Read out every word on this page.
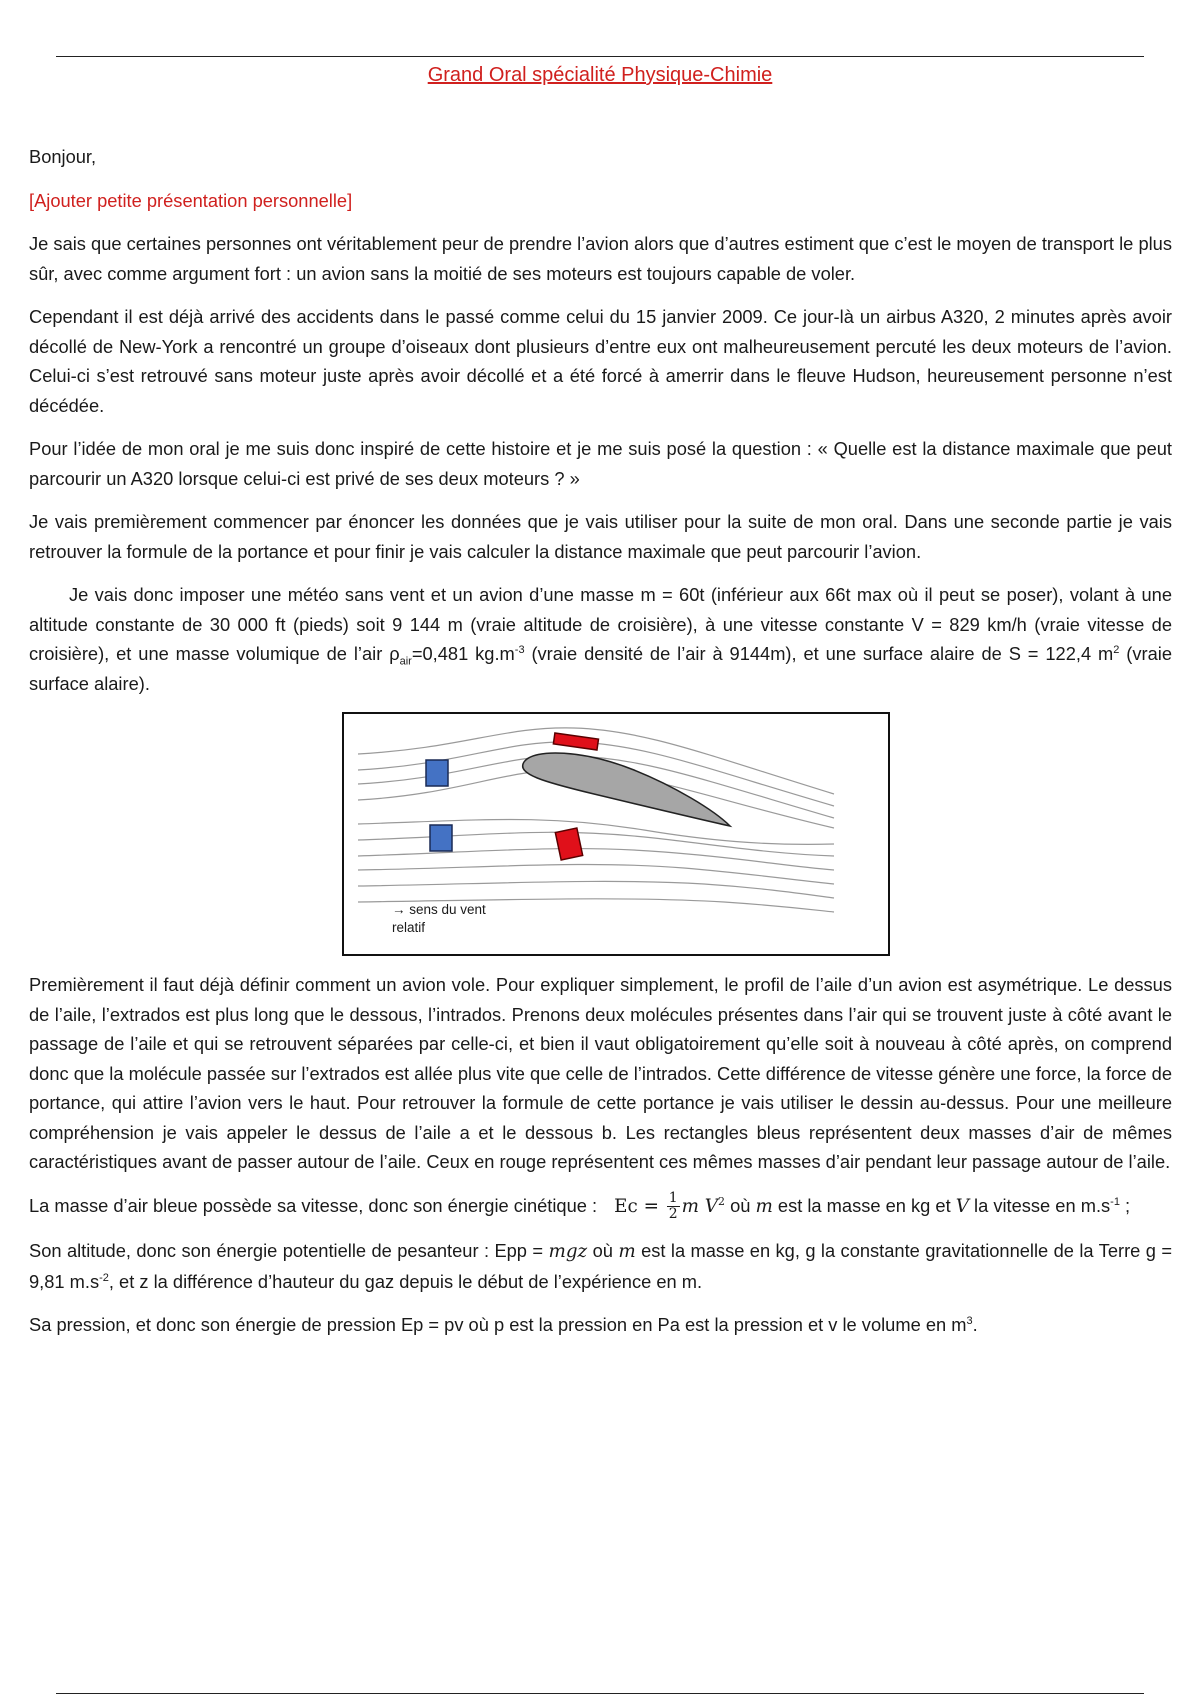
Grand Oral spécialité Physique-Chimie

Bonjour,

[Ajouter petite présentation personnelle]

Je sais que certaines personnes ont véritablement peur de prendre l’avion alors que d’autres estiment que c’est le moyen de transport le plus sûr, avec comme argument fort : un avion sans la moitié de ses moteurs est toujours capable de voler.

Cependant il est déjà arrivé des accidents dans le passé comme celui du 15 janvier 2009. Ce jour-là un airbus A320, 2 minutes après avoir décollé de New-York a rencontré un groupe d’oiseaux dont plusieurs d’entre eux ont malheureusement percuté les deux moteurs de l’avion. Celui-ci s’est retrouvé sans moteur juste après avoir décollé et a été forcé à amerrir dans le fleuve Hudson, heureusement personne n’est décédée.

Pour l’idée de mon oral je me suis donc inspiré de cette histoire et je me suis posé la question : « Quelle est la distance maximale que peut parcourir un A320 lorsque celui-ci est privé de ses deux moteurs ? »

Je vais premièrement commencer par énoncer les données que je vais utiliser pour la suite de mon oral. Dans une seconde partie je vais retrouver la formule de la portance et pour finir je vais calculer la distance maximale que peut parcourir l’avion.

Je vais donc imposer une météo sans vent et un avion d’une masse m = 60t (inférieur aux 66t max où il peut se poser), volant à une altitude constante de 30 000 ft (pieds) soit 9 144 m (vraie altitude de croisière), à une vitesse constante V = 829 km/h (vraie vitesse de croisière), et une masse volumique de l’air $\rho_{air}=0,481$ $kg.m^{-3}$ (vraie densité de l’air à 9144m), et une surface alaire de S = 122,4 $m^2$ (vraie surface alaire).

→ sens du vent
relatif

Premièrement il faut déjà définir comment un avion vole. Pour expliquer simplement, le profil de l’aile d’un avion est asymétrique. Le dessus de l’aile, l’extrados est plus long que le dessous, l’intrados. Prenons deux molécules présentes dans l’air qui se trouvent juste à côté avant le passage de l’aile et qui se retrouvent séparées par celle-ci, et bien il vaut obligatoirement qu’elle soit à nouveau à côté après, on comprend donc que la molécule passée sur l’extrados est allée plus vite que celle de l’intrados. Cette différence de vitesse génère une force, la force de portance, qui attire l’avion vers le haut. Pour retrouver la formule de cette portance je vais utiliser le dessin au-dessus. Pour une meilleure compréhension je vais appeler le dessus de l’aile a et le dessous b. Les rectangles bleus représentent deux masses d’air de mêmes caractéristiques avant de passer autour de l’aile. Ceux en rouge représentent ces mêmes masses d’air pendant leur passage autour de l’aile.

La masse d’air bleue possède sa vitesse, donc son énergie cinétique : $Ec = \frac{1}{2}$ m $V^2$ où m est la masse en kg et V la vitesse en $m.s^{-1}$ ;

Son altitude, donc son énergie potentielle de pesanteur : Epp = mgz où m est la masse en kg, g la constante gravitationnelle de la Terre g = 9,81 $m.s^{-2}$, et z la différence d’hauteur du gaz depuis le début de l’expérience en m.

Sa pression, et donc son énergie de pression Ep = pv où p est la pression en Pa est la pression et v le volume en $m^3$.
